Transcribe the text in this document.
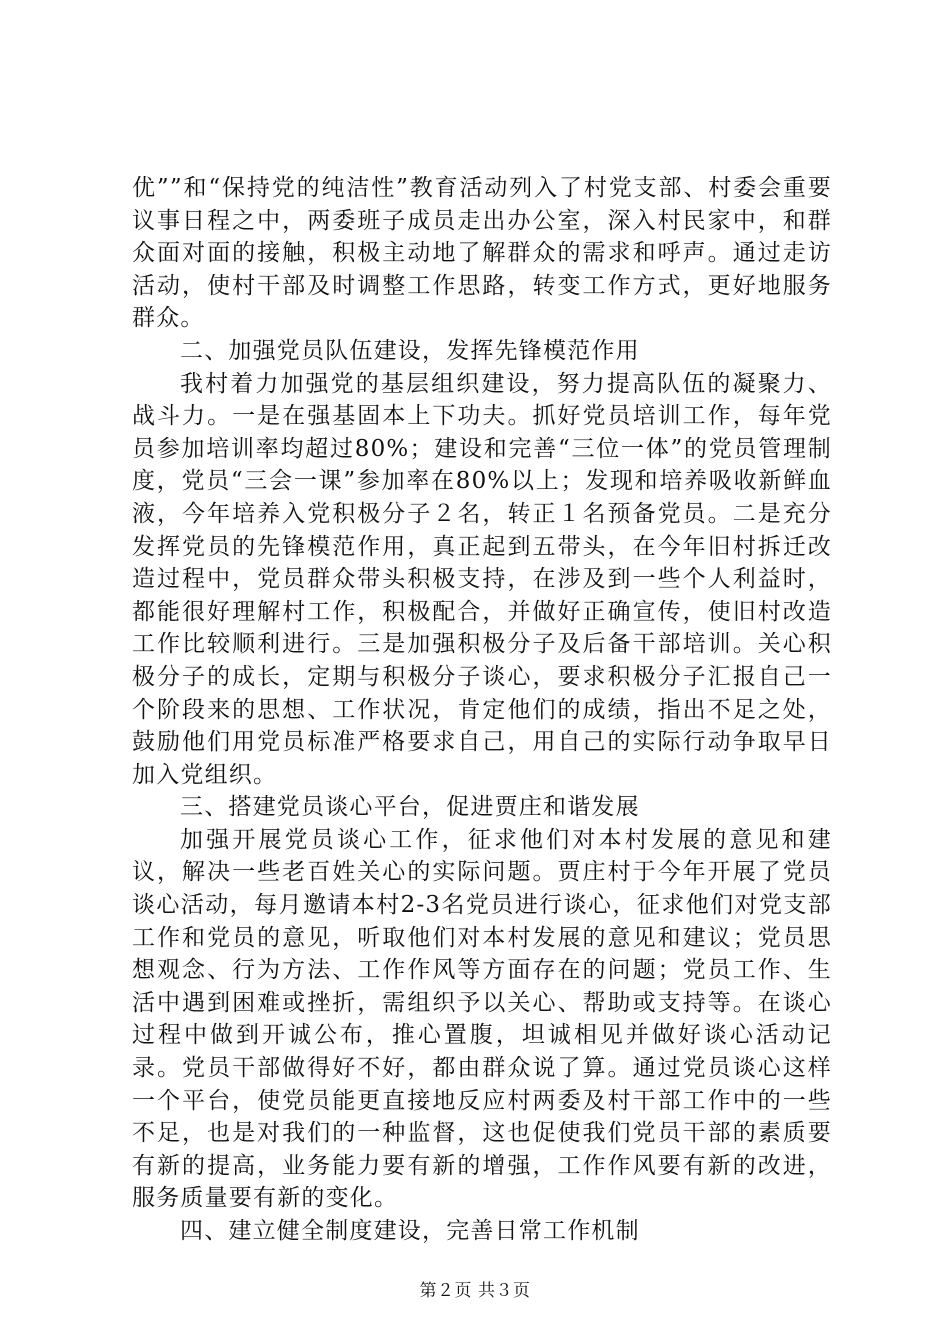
优””和“保持党的纯洁性”教育活动列入了村党支部、村委会重要议事日程之中，两委班子成员走出办公室，深入村民家中，和群众面对面的接触，积极主动地了解群众的需求和呼声。通过走访活动，使村干部及时调整工作思路，转变工作方式，更好地服务群众。

二、加强党员队伍建设，发挥先锋模范作用

我村着力加强党的基层组织建设，努力提高队伍的凝聚力、战斗力。一是在强基固本上下功夫。抓好党员培训工作，每年党员参加培训率均超过80%；建设和完善“三位一体”的党员管理制度，党员“三会一课”参加率在80%以上；发现和培养吸收新鲜血液，今年培养入党积极分子２名，转正１名预备党员。二是充分发挥党员的先锋模范作用，真正起到五带头，在今年旧村拆迁改造过程中，党员群众带头积极支持，在涉及到一些个人利益时，都能很好理解村工作，积极配合，并做好正确宣传，使旧村改造工作比较顺利进行。三是加强积极分子及后备干部培训。关心积极分子的成长，定期与积极分子谈心，要求积极分子汇报自己一个阶段来的思想、工作状况，肯定他们的成绩，指出不足之处，鼓励他们用党员标准严格要求自己，用自己的实际行动争取早日加入党组织。

三、搭建党员谈心平台，促进贾庄和谐发展

加强开展党员谈心工作，征求他们对本村发展的意见和建议，解决一些老百姓关心的实际问题。贾庄村于今年开展了党员谈心活动，每月邀请本村2-3名党员进行谈心，征求他们对党支部工作和党员的意见，听取他们对本村发展的意见和建议；党员思想观念、行为方法、工作作风等方面存在的问题；党员工作、生活中遇到困难或挫折，需组织予以关心、帮助或支持等。在谈心过程中做到开诚公布，推心置腹，坦诚相见并做好谈心活动记录。党员干部做得好不好，都由群众说了算。通过党员谈心这样一个平台，使党员能更直接地反应村两委及村干部工作中的一些不足，也是对我们的一种监督，这也促使我们党员干部的素质要有新的提高，业务能力要有新的增强，工作作风要有新的改进，服务质量要有新的变化。

四、建立健全制度建设，完善日常工作机制

第２页 共３页
